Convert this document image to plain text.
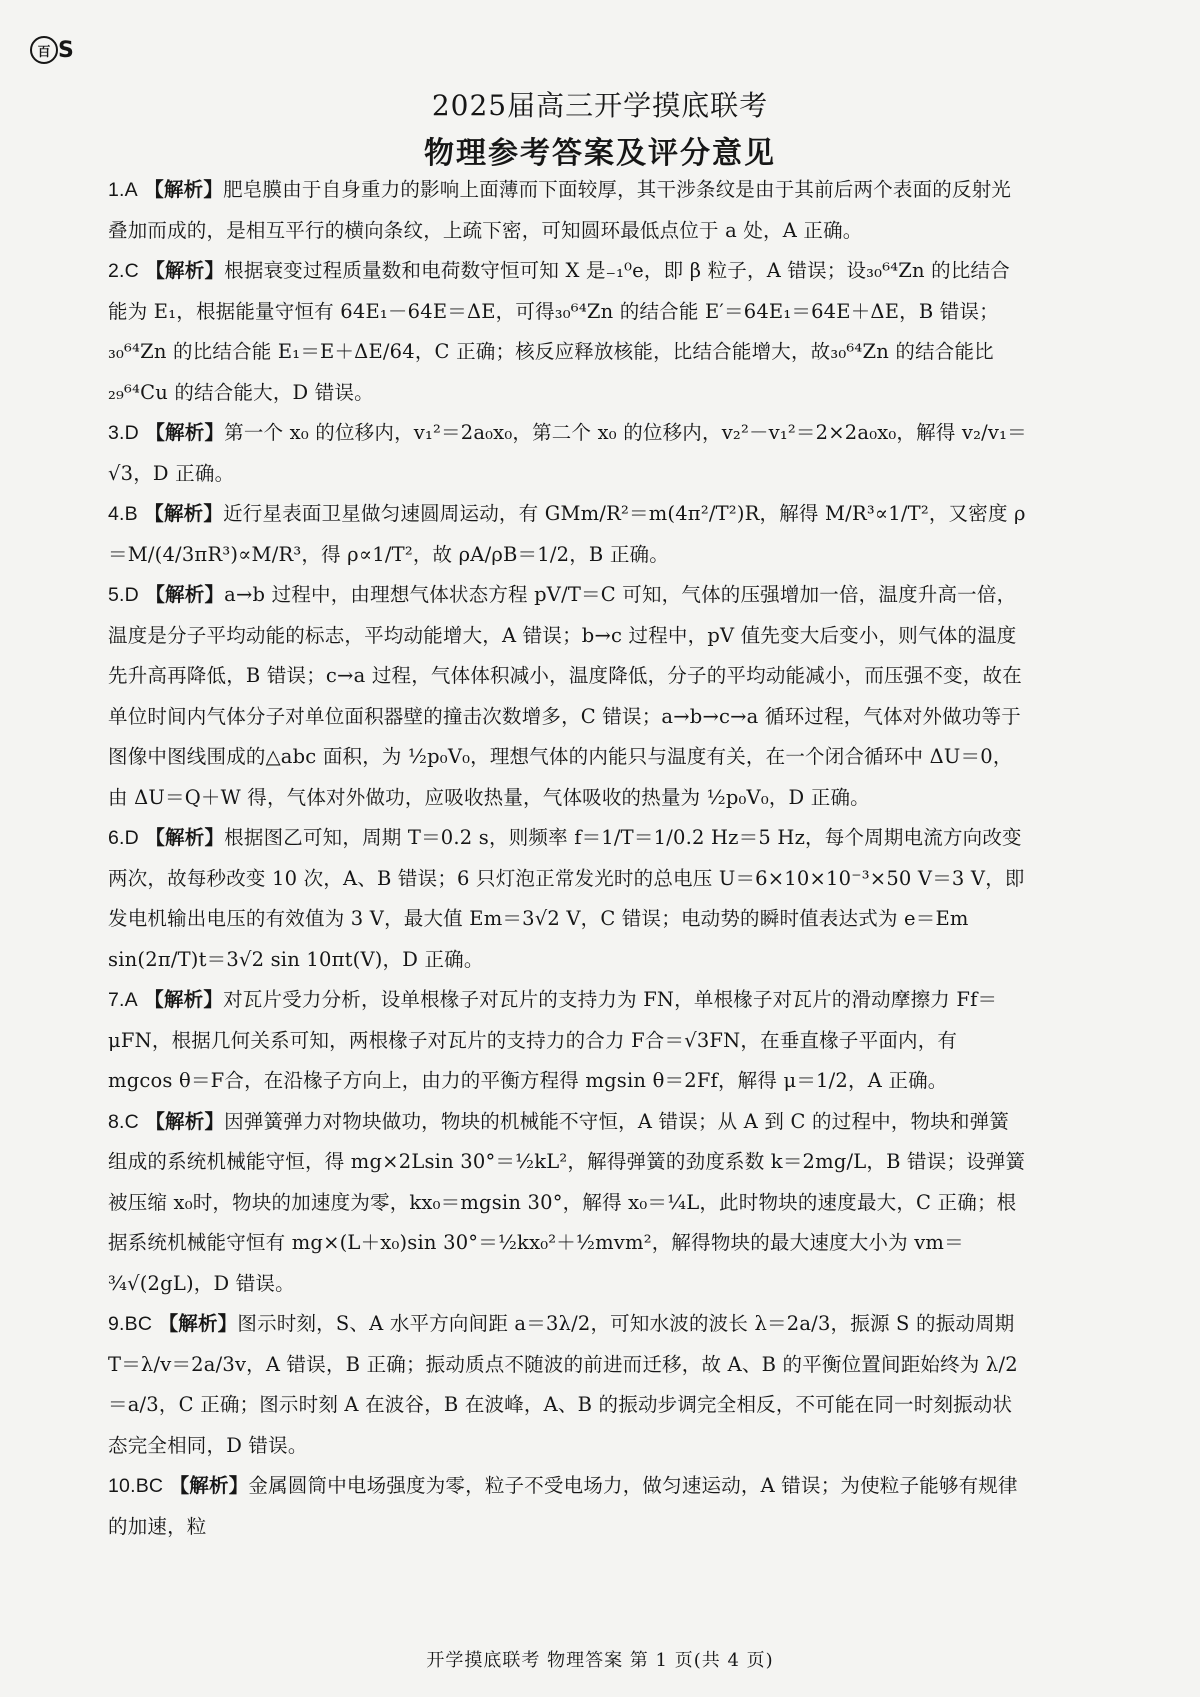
百 S
2025届高三开学摸底联考
物理参考答案及评分意见

1.A 【解析】肥皂膜由于自身重力的影响上面薄而下面较厚，其干涉条纹是由于其前后两个表面的反射光叠加而成的，是相互平行的横向条纹，上疏下密，可知圆环最低点位于 a 处，A 正确。

2.C 【解析】根据衰变过程质量数和电荷数守恒可知 X 是₋₁⁰e，即 β 粒子，A 错误；设₃₀⁶⁴Zn 的比结合能为 E₁，根据能量守恒有 64E₁－64E＝ΔE，可得₃₀⁶⁴Zn 的结合能 E′＝64E₁＝64E＋ΔE，B 错误；₃₀⁶⁴Zn 的比结合能 E₁＝E＋ΔE/64，C 正确；核反应释放核能，比结合能增大，故₃₀⁶⁴Zn 的结合能比₂₉⁶⁴Cu 的结合能大，D 错误。

3.D 【解析】第一个 x₀ 的位移内，v₁²＝2a₀x₀，第二个 x₀ 的位移内，v₂²－v₁²＝2×2a₀x₀，解得 v₂/v₁＝√3，D 正确。

4.B 【解析】近行星表面卫星做匀速圆周运动，有 GMm/R²＝m(4π²/T²)R，解得 M/R³∝1/T²，又密度 ρ＝M/(4/3πR³)∝M/R³，得 ρ∝1/T²，故 ρA/ρB＝1/2，B 正确。

5.D 【解析】a→b 过程中，由理想气体状态方程 pV/T＝C 可知，气体的压强增加一倍，温度升高一倍，温度是分子平均动能的标志，平均动能增大，A 错误；b→c 过程中，pV 值先变大后变小，则气体的温度先升高再降低，B 错误；c→a 过程，气体体积减小，温度降低，分子的平均动能减小，而压强不变，故在单位时间内气体分子对单位面积器壁的撞击次数增多，C 错误；a→b→c→a 循环过程，气体对外做功等于图像中图线围成的△abc 面积，为 ½p₀V₀，理想气体的内能只与温度有关，在一个闭合循环中 ΔU＝0，由 ΔU＝Q＋W 得，气体对外做功，应吸收热量，气体吸收的热量为 ½p₀V₀，D 正确。

6.D 【解析】根据图乙可知，周期 T＝0.2 s，则频率 f＝1/T＝1/0.2 Hz＝5 Hz，每个周期电流方向改变两次，故每秒改变 10 次，A、B 错误；6 只灯泡正常发光时的总电压 U＝6×10×10⁻³×50 V＝3 V，即发电机输出电压的有效值为 3 V，最大值 Em＝3√2 V，C 错误；电动势的瞬时值表达式为 e＝Em sin(2π/T)t＝3√2 sin 10πt(V)，D 正确。

7.A 【解析】对瓦片受力分析，设单根椽子对瓦片的支持力为 FN，单根椽子对瓦片的滑动摩擦力 Ff＝μFN，根据几何关系可知，两根椽子对瓦片的支持力的合力 F合＝√3FN，在垂直椽子平面内，有 mgcos θ＝F合，在沿椽子方向上，由力的平衡方程得 mgsin θ＝2Ff，解得 μ＝1/2，A 正确。

8.C 【解析】因弹簧弹力对物块做功，物块的机械能不守恒，A 错误；从 A 到 C 的过程中，物块和弹簧组成的系统机械能守恒，得 mg×2Lsin 30°＝½kL²，解得弹簧的劲度系数 k＝2mg/L，B 错误；设弹簧被压缩 x₀时，物块的加速度为零，kx₀＝mgsin 30°，解得 x₀＝¼L，此时物块的速度最大，C 正确；根据系统机械能守恒有 mg×(L＋x₀)sin 30°＝½kx₀²＋½mvm²，解得物块的最大速度大小为 vm＝¾√(2gL)，D 错误。

9.BC 【解析】图示时刻，S、A 水平方向间距 a＝3λ/2，可知水波的波长 λ＝2a/3，振源 S 的振动周期 T＝λ/v＝2a/3v，A 错误，B 正确；振动质点不随波的前进而迁移，故 A、B 的平衡位置间距始终为 λ/2＝a/3，C 正确；图示时刻 A 在波谷，B 在波峰，A、B 的振动步调完全相反，不可能在同一时刻振动状态完全相同，D 错误。

10.BC 【解析】金属圆筒中电场强度为零，粒子不受电场力，做匀速运动，A 错误；为使粒子能够有规律的加速，粒

开学摸底联考 物理答案 第 1 页(共 4 页)
